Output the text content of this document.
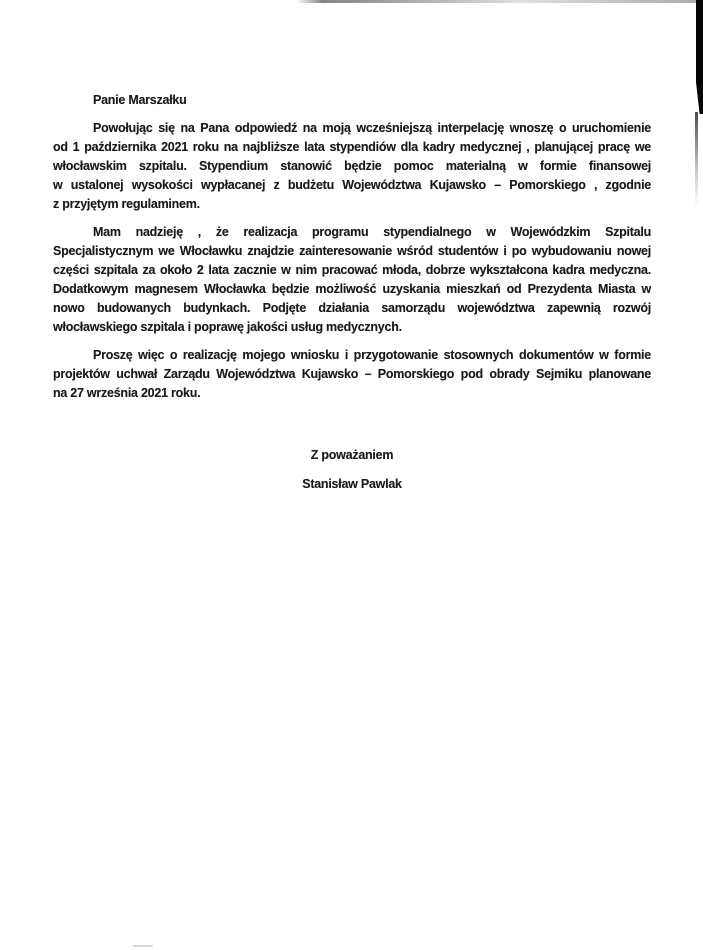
Panie Marszałku
Powołując się na Pana odpowiedź na moją wcześniejszą interpelację wnoszę o uruchomienie
od 1 października 2021 roku na najbliższe lata stypendiów dla kadry medycznej , planującej pracę we
włocławskim szpitalu. Stypendium stanowić będzie pomoc materialną w formie finansowej
w ustalonej wysokości wypłacanej z budżetu Województwa Kujawsko – Pomorskiego , zgodnie
z przyjętym regulaminem.
Mam nadzieję , że realizacja programu stypendialnego w Wojewódzkim Szpitalu
Specjalistycznym we Włocławku znajdzie zainteresowanie wśród studentów i po wybudowaniu nowej
części szpitala za około 2 lata zacznie w nim pracować młoda, dobrze wykształcona kadra medyczna.
Dodatkowym magnesem Włocławka będzie możliwość uzyskania mieszkań od Prezydenta Miasta w
nowo budowanych budynkach. Podjęte działania samorządu województwa zapewnią rozwój
włocławskiego szpitala i poprawę jakości usług medycznych.
Proszę więc o realizację mojego wniosku i przygotowanie stosownych dokumentów w formie
projektów uchwał Zarządu Województwa Kujawsko – Pomorskiego pod obrady Sejmiku planowane
na 27 września 2021 roku.
Z poważaniem
Stanisław Pawlak
